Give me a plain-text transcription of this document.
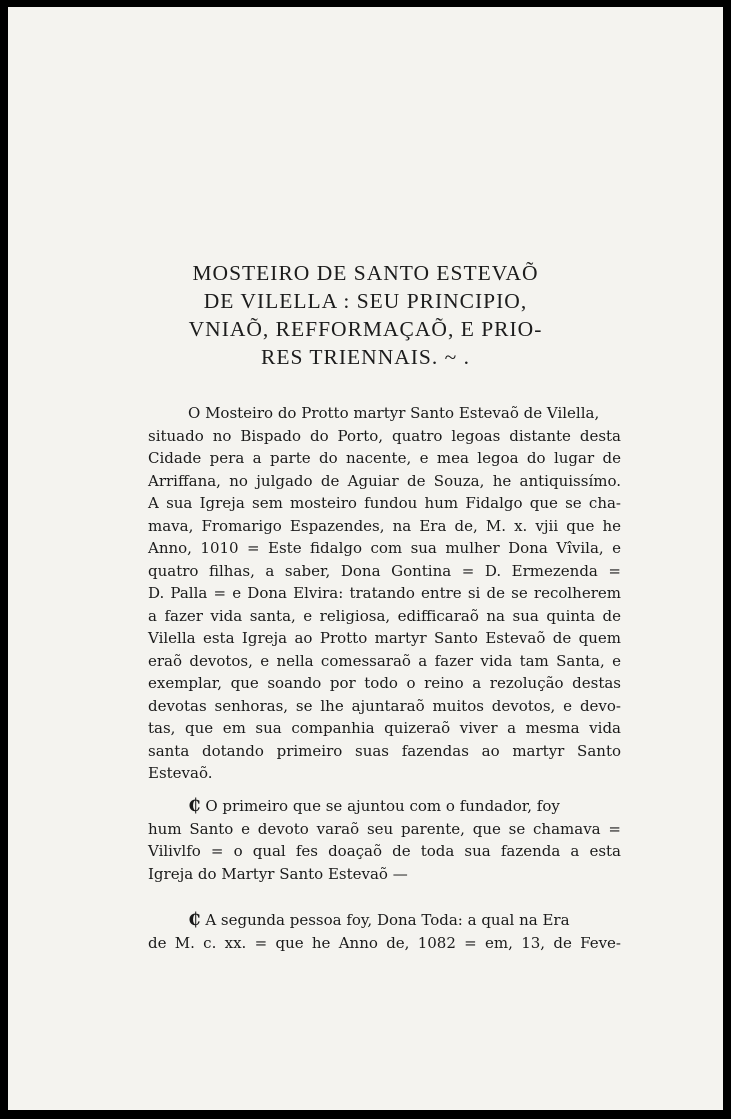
MOSTEIRO DE SANTO ESTEVAÕ
DE VILELLA : SEU PRINCIPIO,
VNIAÕ, REFFORMAÇAÕ, E PRIO-
RES TRIENNAIS. ~ .
O Mosteiro do Protto martyr Santo Estevaõ de Vilella,
situado no Bispado do Porto, quatro legoas distante desta
Cidade pera a parte do nacente, e mea legoa do lugar de
Arriffana, no julgado de Aguiar de Souza, he antiquissímo.
A sua Igreja sem mosteiro fundou hum Fidalgo que se cha-
mava, Fromarigo Espazendes, na Era de, M. x. vjii que he
Anno, 1010 = Este fidalgo com sua mulher Dona Vîvila, e
quatro filhas, a saber, Dona Gontina = D. Ermezenda =
D. Palla = e Dona Elvira: tratando entre si de se recolherem
a fazer vida santa, e religiosa, edifficaraõ na sua quinta de
Vilella esta Igreja ao Protto martyr Santo Estevaõ de quem
eraõ devotos, e nella comessaraõ a fazer vida tam Santa, e
exemplar, que soando por todo o reino a rezolução destas
devotas senhoras, se lhe ajuntaraõ muitos devotos, e devo-
tas, que em sua companhia quizeraõ viver a mesma vida
santa dotando primeiro suas fazendas ao martyr Santo
Estevaõ.
₵ O primeiro que se ajuntou com o fundador, foy
hum Santo e devoto varaõ seu parente, que se chamava =
Vilivlfo = o qual fes doaçaõ de toda sua fazenda a esta
Igreja do Martyr Santo Estevaõ —
₵ A segunda pessoa foy, Dona Toda: a qual na Era
de M. c. xx. = que he Anno de, 1082 = em, 13, de Feve-
